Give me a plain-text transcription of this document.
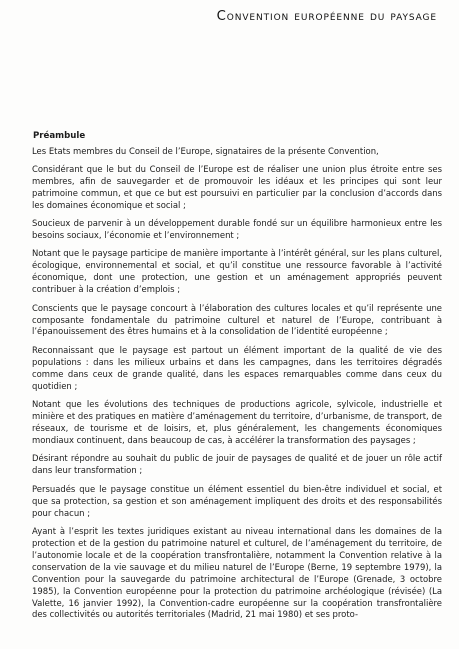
Convention européenne du paysage
Préambule

Les Etats membres du Conseil de l’Europe, signataires de la présente Convention,

Considérant que le but du Conseil de l’Europe est de réaliser une union plus étroite entre ses membres, afin de sauvegarder et de promouvoir les idéaux et les principes qui sont leur patrimoine commun, et que ce but est poursuivi en particulier par la conclusion d’accords dans les domaines économique et social ;

Soucieux de parvenir à un développement durable fondé sur un équilibre harmonieux entre les besoins sociaux, l’économie et l’environnement ;

Notant que le paysage participe de manière importante à l’intérêt général, sur les plans culturel, écologique, environnemental et social, et qu’il constitue une ressource favorable à l’activité économique, dont une protection, une gestion et un aménagement appropriés peuvent contribuer à la création d’emplois ;

Conscients que le paysage concourt à l’élaboration des cultures locales et qu’il représente une composante fondamentale du patrimoine culturel et naturel de l’Europe, contribuant à l’épanouissement des êtres humains et à la consolidation de l’identité européenne ;

Reconnaissant que le paysage est partout un élément important de la qualité de vie des populations : dans les milieux urbains et dans les campagnes, dans les territoires dégradés comme dans ceux de grande qualité, dans les espaces remarquables comme dans ceux du quotidien ;

Notant que les évolutions des techniques de productions agricole, sylvicole, industrielle et minière et des pratiques en matière d’aménagement du territoire, d’urbanisme, de transport, de réseaux, de tourisme et de loisirs, et, plus généralement, les changements économiques mondiaux continuent, dans beaucoup de cas, à accélérer la transformation des paysages ;

Désirant répondre au souhait du public de jouir de paysages de qualité et de jouer un rôle actif dans leur transformation ;

Persuadés que le paysage constitue un élément essentiel du bien-être individuel et social, et que sa protection, sa gestion et son aménagement impliquent des droits et des responsabilités pour chacun ;

Ayant à l’esprit les textes juridiques existant au niveau international dans les domaines de la protection et de la gestion du patrimoine naturel et culturel, de l’aménagement du territoire, de l’autonomie locale et de la coopération transfrontalière, notamment la Convention relative à la conservation de la vie sauvage et du milieu naturel de l’Europe (Berne, 19 septembre 1979), la Convention pour la sauvegarde du patrimoine architectural de l’Europe (Grenade, 3 octobre 1985), la Convention européenne pour la protection du patrimoine archéologique (révisée) (La Valette, 16 janvier 1992), la Convention-cadre européenne sur la coopération transfrontalière des collectivités ou autorités territoriales (Madrid, 21 mai 1980) et ses proto-
